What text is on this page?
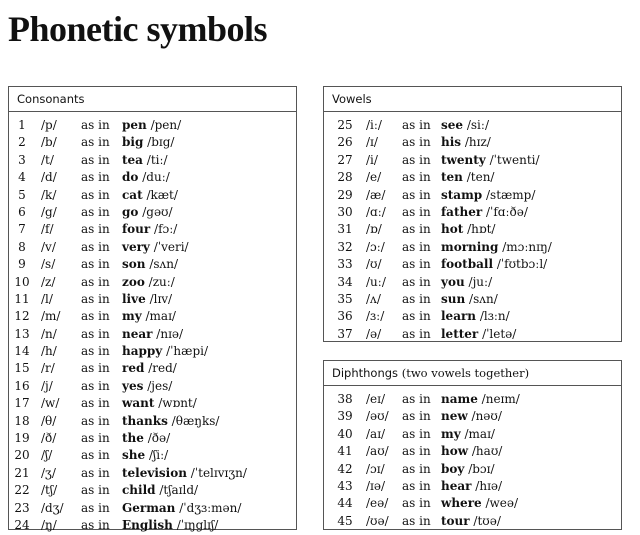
Phonetic symbols
Consonants
1	/p/ as in pen /pen/
2	/b/ as in big /bɪg/
3	/t/ as in tea /tiː/
4	/d/ as in do /duː/
5	/k/ as in cat /kæt/
6	/g/ as in go /gəʊ/
7	/f/ as in four /fɔː/
8	/v/ as in very /ˈveri/
9	/s/ as in son /sʌn/
10 /z/ as in zoo /zuː/
11 /l/ as in live /lɪv/
12 /m/ as in my /maɪ/
13 /n/ as in near /nɪə/
14 /h/ as in happy /ˈhæpi/
15 /r/ as in red /red/
16 /j/ as in yes /jes/
17 /w/ as in want /wɒnt/
18 /θ/ as in thanks /θæŋks/
19 /ð/ as in the /ðə/
20 /ʃ/ as in she /ʃiː/
21 /ʒ/ as in television /ˈtelɪvɪʒn/
22 /tʃ/ as in child /tʃaɪld/
23 /dʒ/ as in German /ˈdʒɜːmən/
24 /ŋ/ as in English /ˈɪŋglɪʃ/
Vowels
25	/iː/ as in see /siː/
26	/ɪ/ as in his /hɪz/
27	/i/ as in twenty /ˈtwenti/
28	/e/ as in ten /ten/
29	/æ/ as in stamp /stæmp/
30	/ɑː/ as in father /ˈfɑːðə/
31	/ɒ/ as in hot /hɒt/
32	/ɔː/ as in morning /mɔːnɪŋ/
33	/ʊ/ as in football /ˈfʊtbɔːl/
34	/uː/ as in you /juː/
35	/ʌ/ as in sun /sʌn/
36	/ɜː/ as in learn /lɜːn/
37	/ə/ as in letter /ˈletə/
Diphthongs (two vowels together)
38	/eɪ/ as in name /neɪm/
39	/əʊ/ as in new /nəʊ/
40	/aɪ/ as in my /maɪ/
41	/aʊ/ as in how /haʊ/
42	/ɔɪ/ as in boy /bɔɪ/
43	/ɪə/ as in hear /hɪə/
44	/eə/ as in where /weə/
45	/ʊə/ as in tour /tʊə/
